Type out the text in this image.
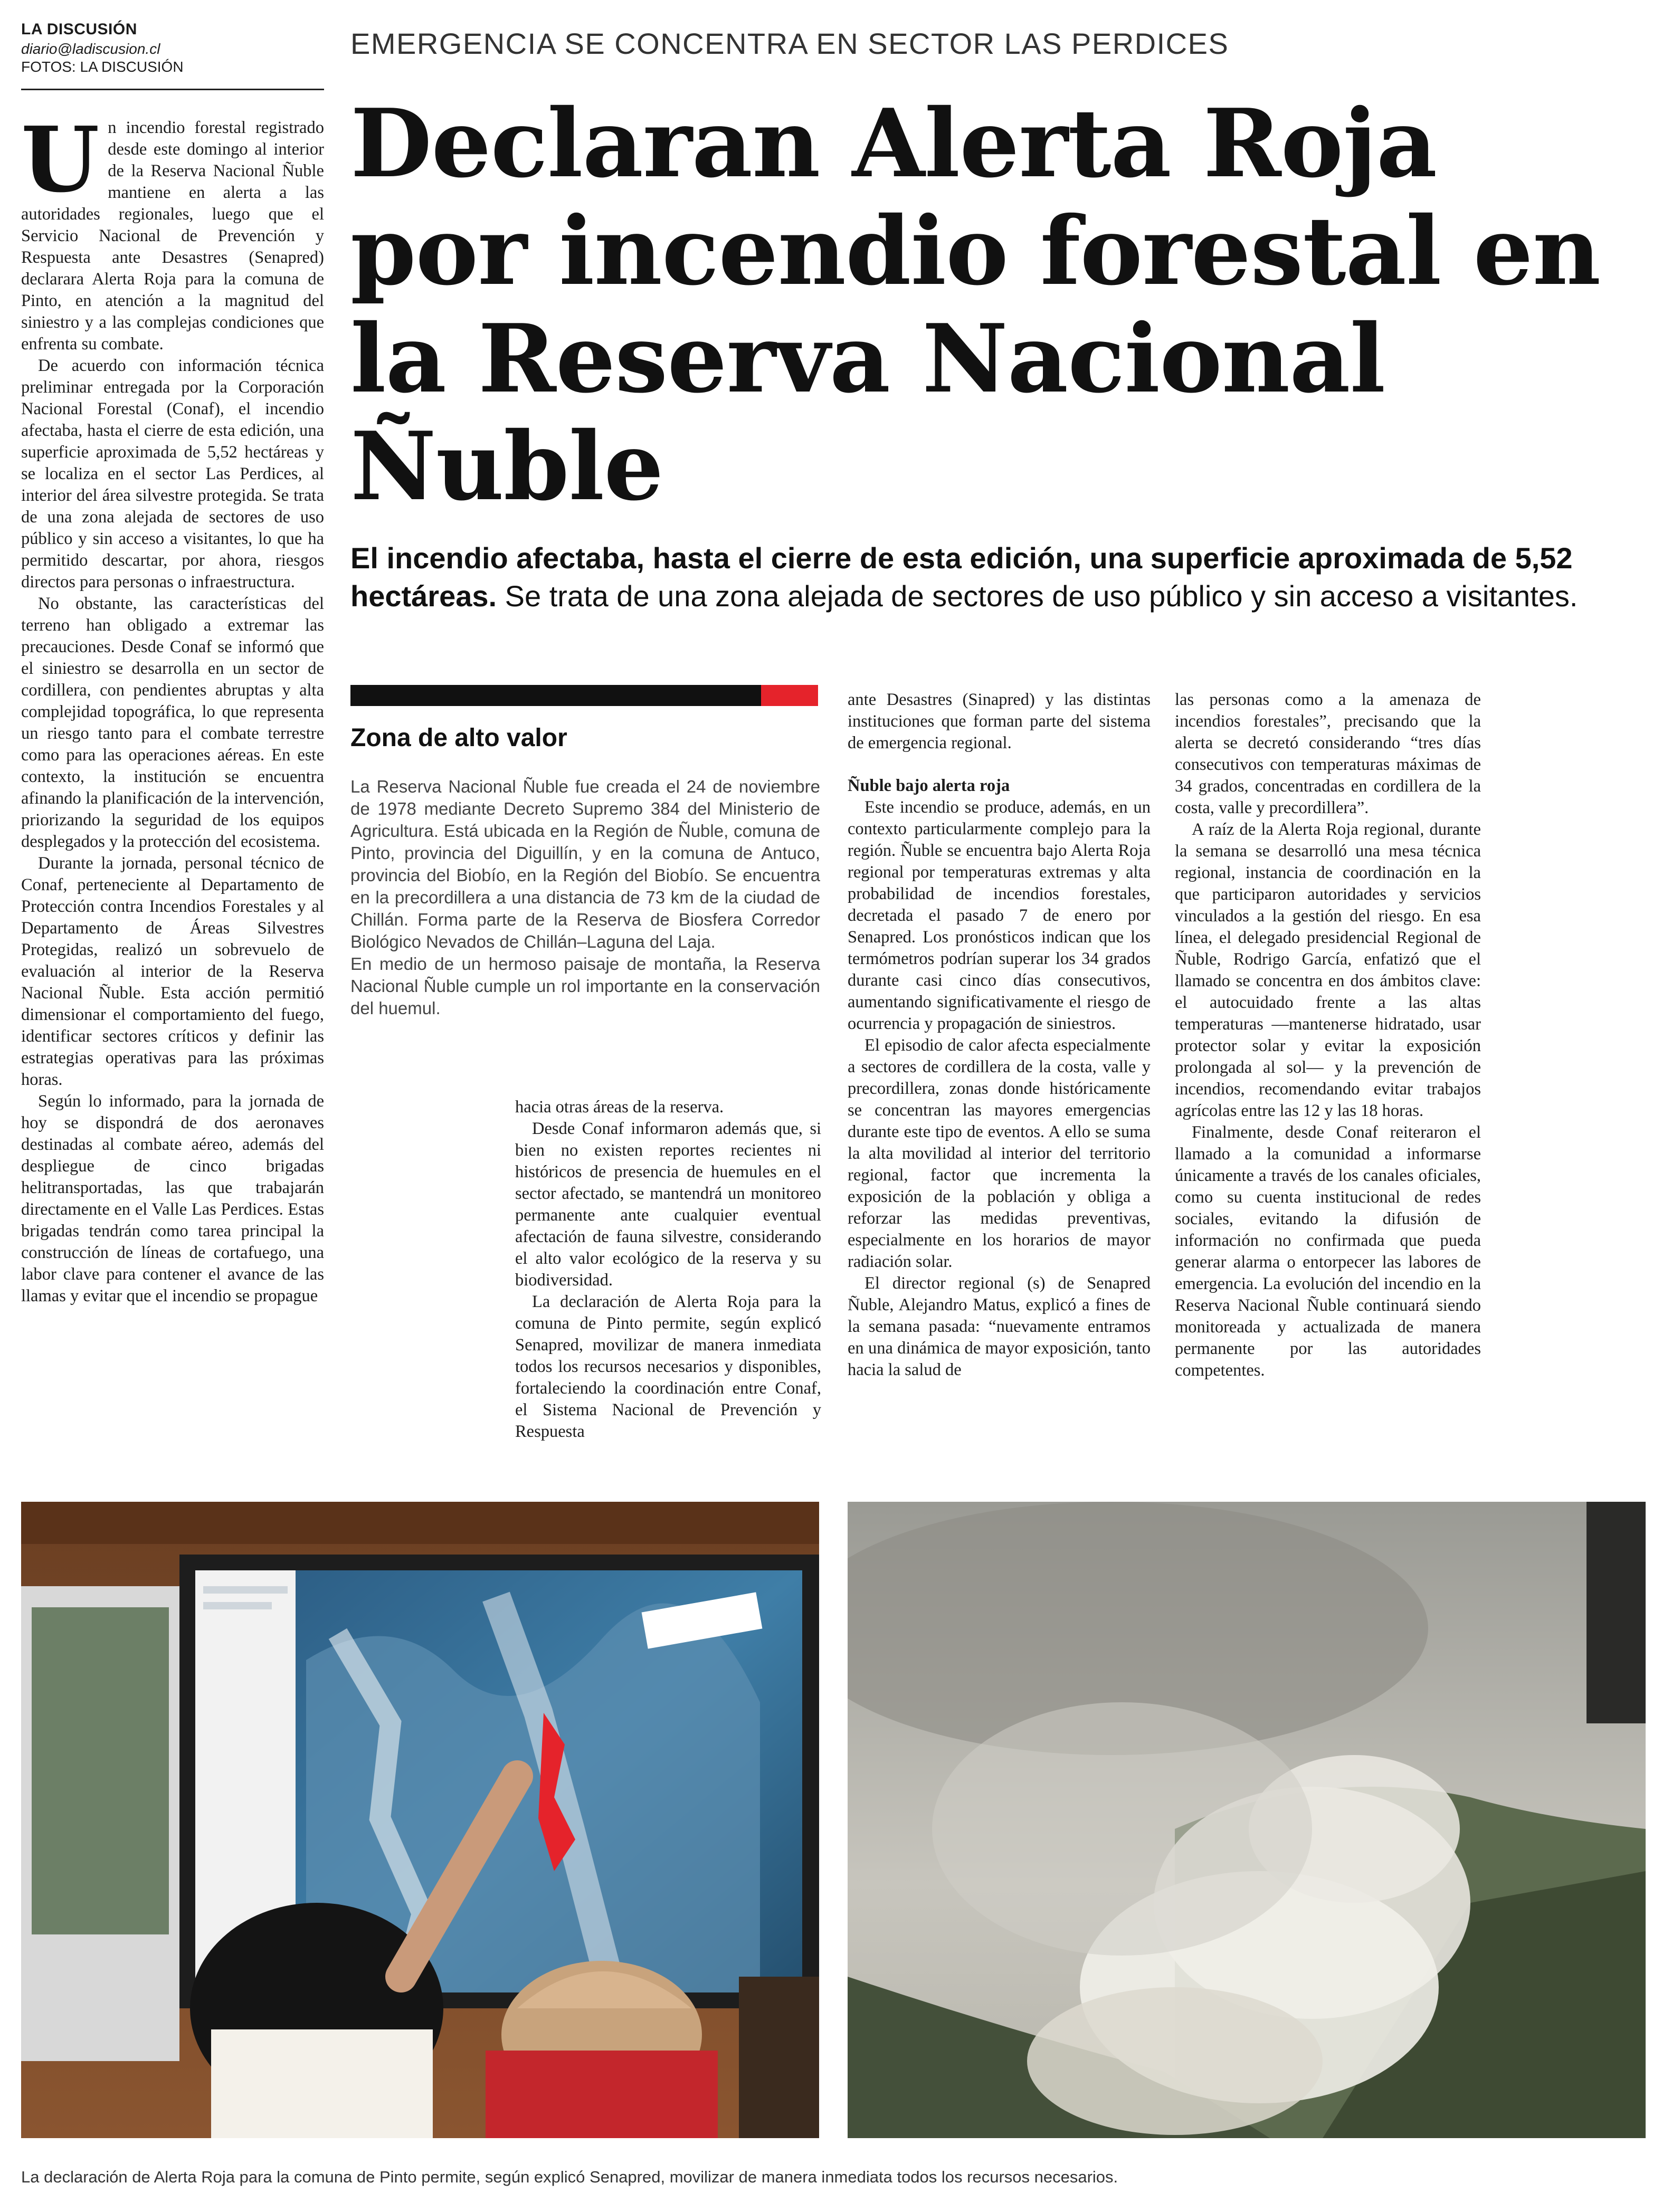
LA DISCUSIÓN
diario@ladiscusion.cl
FOTOS: LA DISCUSIÓN
EMERGENCIA SE CONCENTRA EN SECTOR LAS PERDICES
Declaran Alerta Roja por incendio forestal en la Reserva Nacional Ñuble
El incendio afectaba, hasta el cierre de esta edición, una superficie aproximada de 5,52 hectáreas. Se trata de una zona alejada de sectores de uso público y sin acceso a visitantes.
U n incendio forestal registrado desde este domingo al interior de la Reserva Nacional Ñuble mantiene en alerta a las autoridades regionales, luego que el Servicio Nacional de Prevención y Respuesta ante Desastres (Senapred) declarara Alerta Roja para la comuna de Pinto, en atención a la magnitud del siniestro y a las complejas condiciones que enfrenta su combate.

De acuerdo con información técnica preliminar entregada por la Corporación Nacional Forestal (Conaf), el incendio afectaba, hasta el cierre de esta edición, una superficie aproximada de 5,52 hectáreas y se localiza en el sector Las Perdices, al interior del área silvestre protegida. Se trata de una zona alejada de sectores de uso público y sin acceso a visitantes, lo que ha permitido descartar, por ahora, riesgos directos para personas o infraestructura.

No obstante, las características del terreno han obligado a extremar las precauciones. Desde Conaf se informó que el siniestro se desarrolla en un sector de cordillera, con pendientes abruptas y alta complejidad topográfica, lo que representa un riesgo tanto para el combate terrestre como para las operaciones aéreas. En este contexto, la institución se encuentra afinando la planificación de la intervención, priorizando la seguridad de los equipos desplegados y la protección del ecosistema.

Durante la jornada, personal técnico de Conaf, perteneciente al Departamento de Protección contra Incendios Forestales y al Departamento de Áreas Silvestres Protegidas, realizó un sobrevuelo de evaluación al interior de la Reserva Nacional Ñuble. Esta acción permitió dimensionar el comportamiento del fuego, identificar sectores críticos y definir las estrategias operativas para las próximas horas.

Según lo informado, para la jornada de hoy se dispondrá de dos aeronaves destinadas al combate aéreo, además del despliegue de cinco brigadas helitransportadas, las que trabajarán directamente en el Valle Las Perdices. Estas brigadas tendrán como tarea principal la construcción de líneas de cortafuego, una labor clave para contener el avance de las llamas y evitar que el incendio se propague

Zona de alto valor

La Reserva Nacional Ñuble fue creada el 24 de noviembre de 1978 mediante Decreto Supremo 384 del Ministerio de Agricultura. Está ubicada en la Región de Ñuble, comuna de Pinto, provincia del Diguillín, y en la comuna de Antuco, provincia del Biobío, en la Región del Biobío. Se encuentra en la precordillera a una distancia de 73 km de la ciudad de Chillán. Forma parte de la Reserva de Biosfera Corredor Biológico Nevados de Chillán–Laguna del Laja.

En medio de un hermoso paisaje de montaña, la Reserva Nacional Ñuble cumple un rol importante en la conservación del huemul.

hacia otras áreas de la reserva.

Desde Conaf informaron además que, si bien no existen reportes recientes ni históricos de presencia de huemules en el sector afectado, se mantendrá un monitoreo permanente ante cualquier eventual afectación de fauna silvestre, considerando el alto valor ecológico de la reserva y su biodiversidad.

La declaración de Alerta Roja para la comuna de Pinto permite, según explicó Senapred, movilizar de manera inmediata todos los recursos necesarios y disponibles, fortaleciendo la coordinación entre Conaf, el Sistema Nacional de Prevención y Respuesta

ante Desastres (Sinapred) y las distintas instituciones que forman parte del sistema de emergencia regional.

Ñuble bajo alerta roja

Este incendio se produce, además, en un contexto particularmente complejo para la región. Ñuble se encuentra bajo Alerta Roja regional por temperaturas extremas y alta probabilidad de incendios forestales, decretada el pasado 7 de enero por Senapred. Los pronósticos indican que los termómetros podrían superar los 34 grados durante casi cinco días consecutivos, aumentando significativamente el riesgo de ocurrencia y propagación de siniestros.

El episodio de calor afecta especialmente a sectores de cordillera de la costa, valle y precordillera, zonas donde históricamente se concentran las mayores emergencias durante este tipo de eventos. A ello se suma la alta movilidad al interior del territorio regional, factor que incrementa la exposición de la población y obliga a reforzar las medidas preventivas, especialmente en los horarios de mayor radiación solar.

El director regional (s) de Senapred Ñuble, Alejandro Matus, explicó a fines de la semana pasada: “nuevamente entramos en una dinámica de mayor exposición, tanto hacia la salud de

las personas como a la amenaza de incendios forestales”, precisando que la alerta se decretó considerando “tres días consecutivos con temperaturas máximas de 34 grados, concentradas en cordillera de la costa, valle y precordillera”.

A raíz de la Alerta Roja regional, durante la semana se desarrolló una mesa técnica regional, instancia de coordinación en la que participaron autoridades y servicios vinculados a la gestión del riesgo. En esa línea, el delegado presidencial Regional de Ñuble, Rodrigo García, enfatizó que el llamado se concentra en dos ámbitos clave: el autocuidado frente a las altas temperaturas —mantenerse hidratado, usar protector solar y evitar la exposición prolongada al sol— y la prevención de incendios, recomendando evitar trabajos agrícolas entre las 12 y las 18 horas.

Finalmente, desde Conaf reiteraron el llamado a la comunidad a informarse únicamente a través de los canales oficiales, como su cuenta institucional de redes sociales, evitando la difusión de información no confirmada que pueda generar alarma o entorpecer las labores de emergencia. La evolución del incendio en la Reserva Nacional Ñuble continuará siendo monitoreada y actualizada de manera permanente por las autoridades competentes.

La declaración de Alerta Roja para la comuna de Pinto permite, según explicó Senapred, movilizar de manera inmediata todos los recursos necesarios.
